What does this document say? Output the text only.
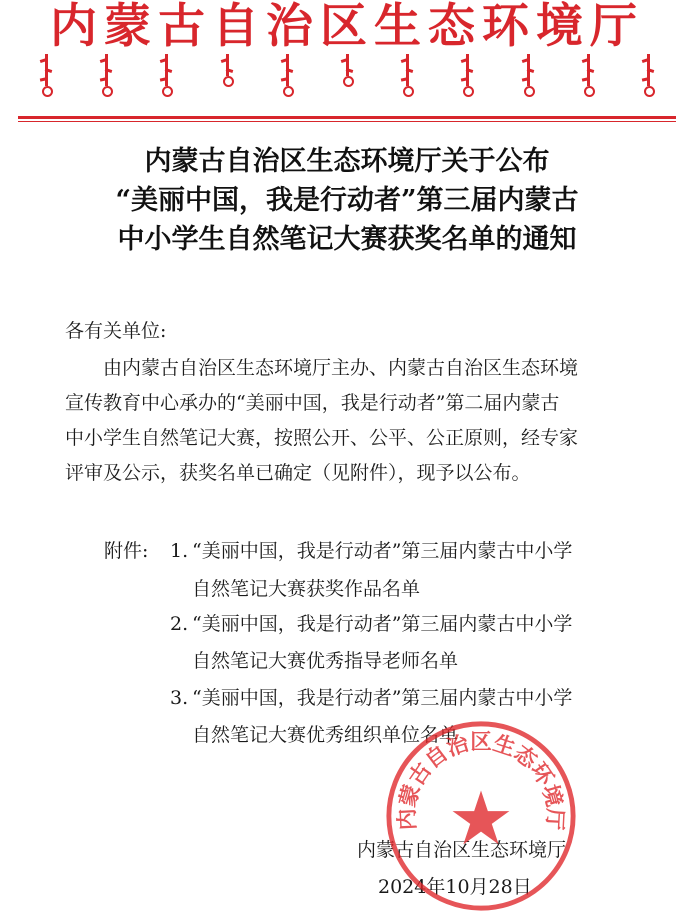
内蒙古自治区生态环境厅
内蒙古自治区生态环境厅关于公布
“美丽中国，我是行动者”第三届内蒙古
中小学生自然笔记大赛获奖名单的通知
各有关单位:
由内蒙古自治区生态环境厅主办、内蒙古自治区生态环境
宣传教育中心承办的“美丽中国，我是行动者”第二届内蒙古
中小学生自然笔记大赛，按照公开、公平、公正原则，经专家
评审及公示，获奖名单已确定（见附件），现予以公布。
附件: 1. “美丽中国，我是行动者”第三届内蒙古中小学
自然笔记大赛获奖作品名单
2. “美丽中国，我是行动者”第三届内蒙古中小学
自然笔记大赛优秀指导老师名单
3. “美丽中国，我是行动者”第三届内蒙古中小学
自然笔记大赛优秀组织单位名单
内蒙古自治区生态环境厅
2024年10月28日
内蒙古自治区生态环境厅
